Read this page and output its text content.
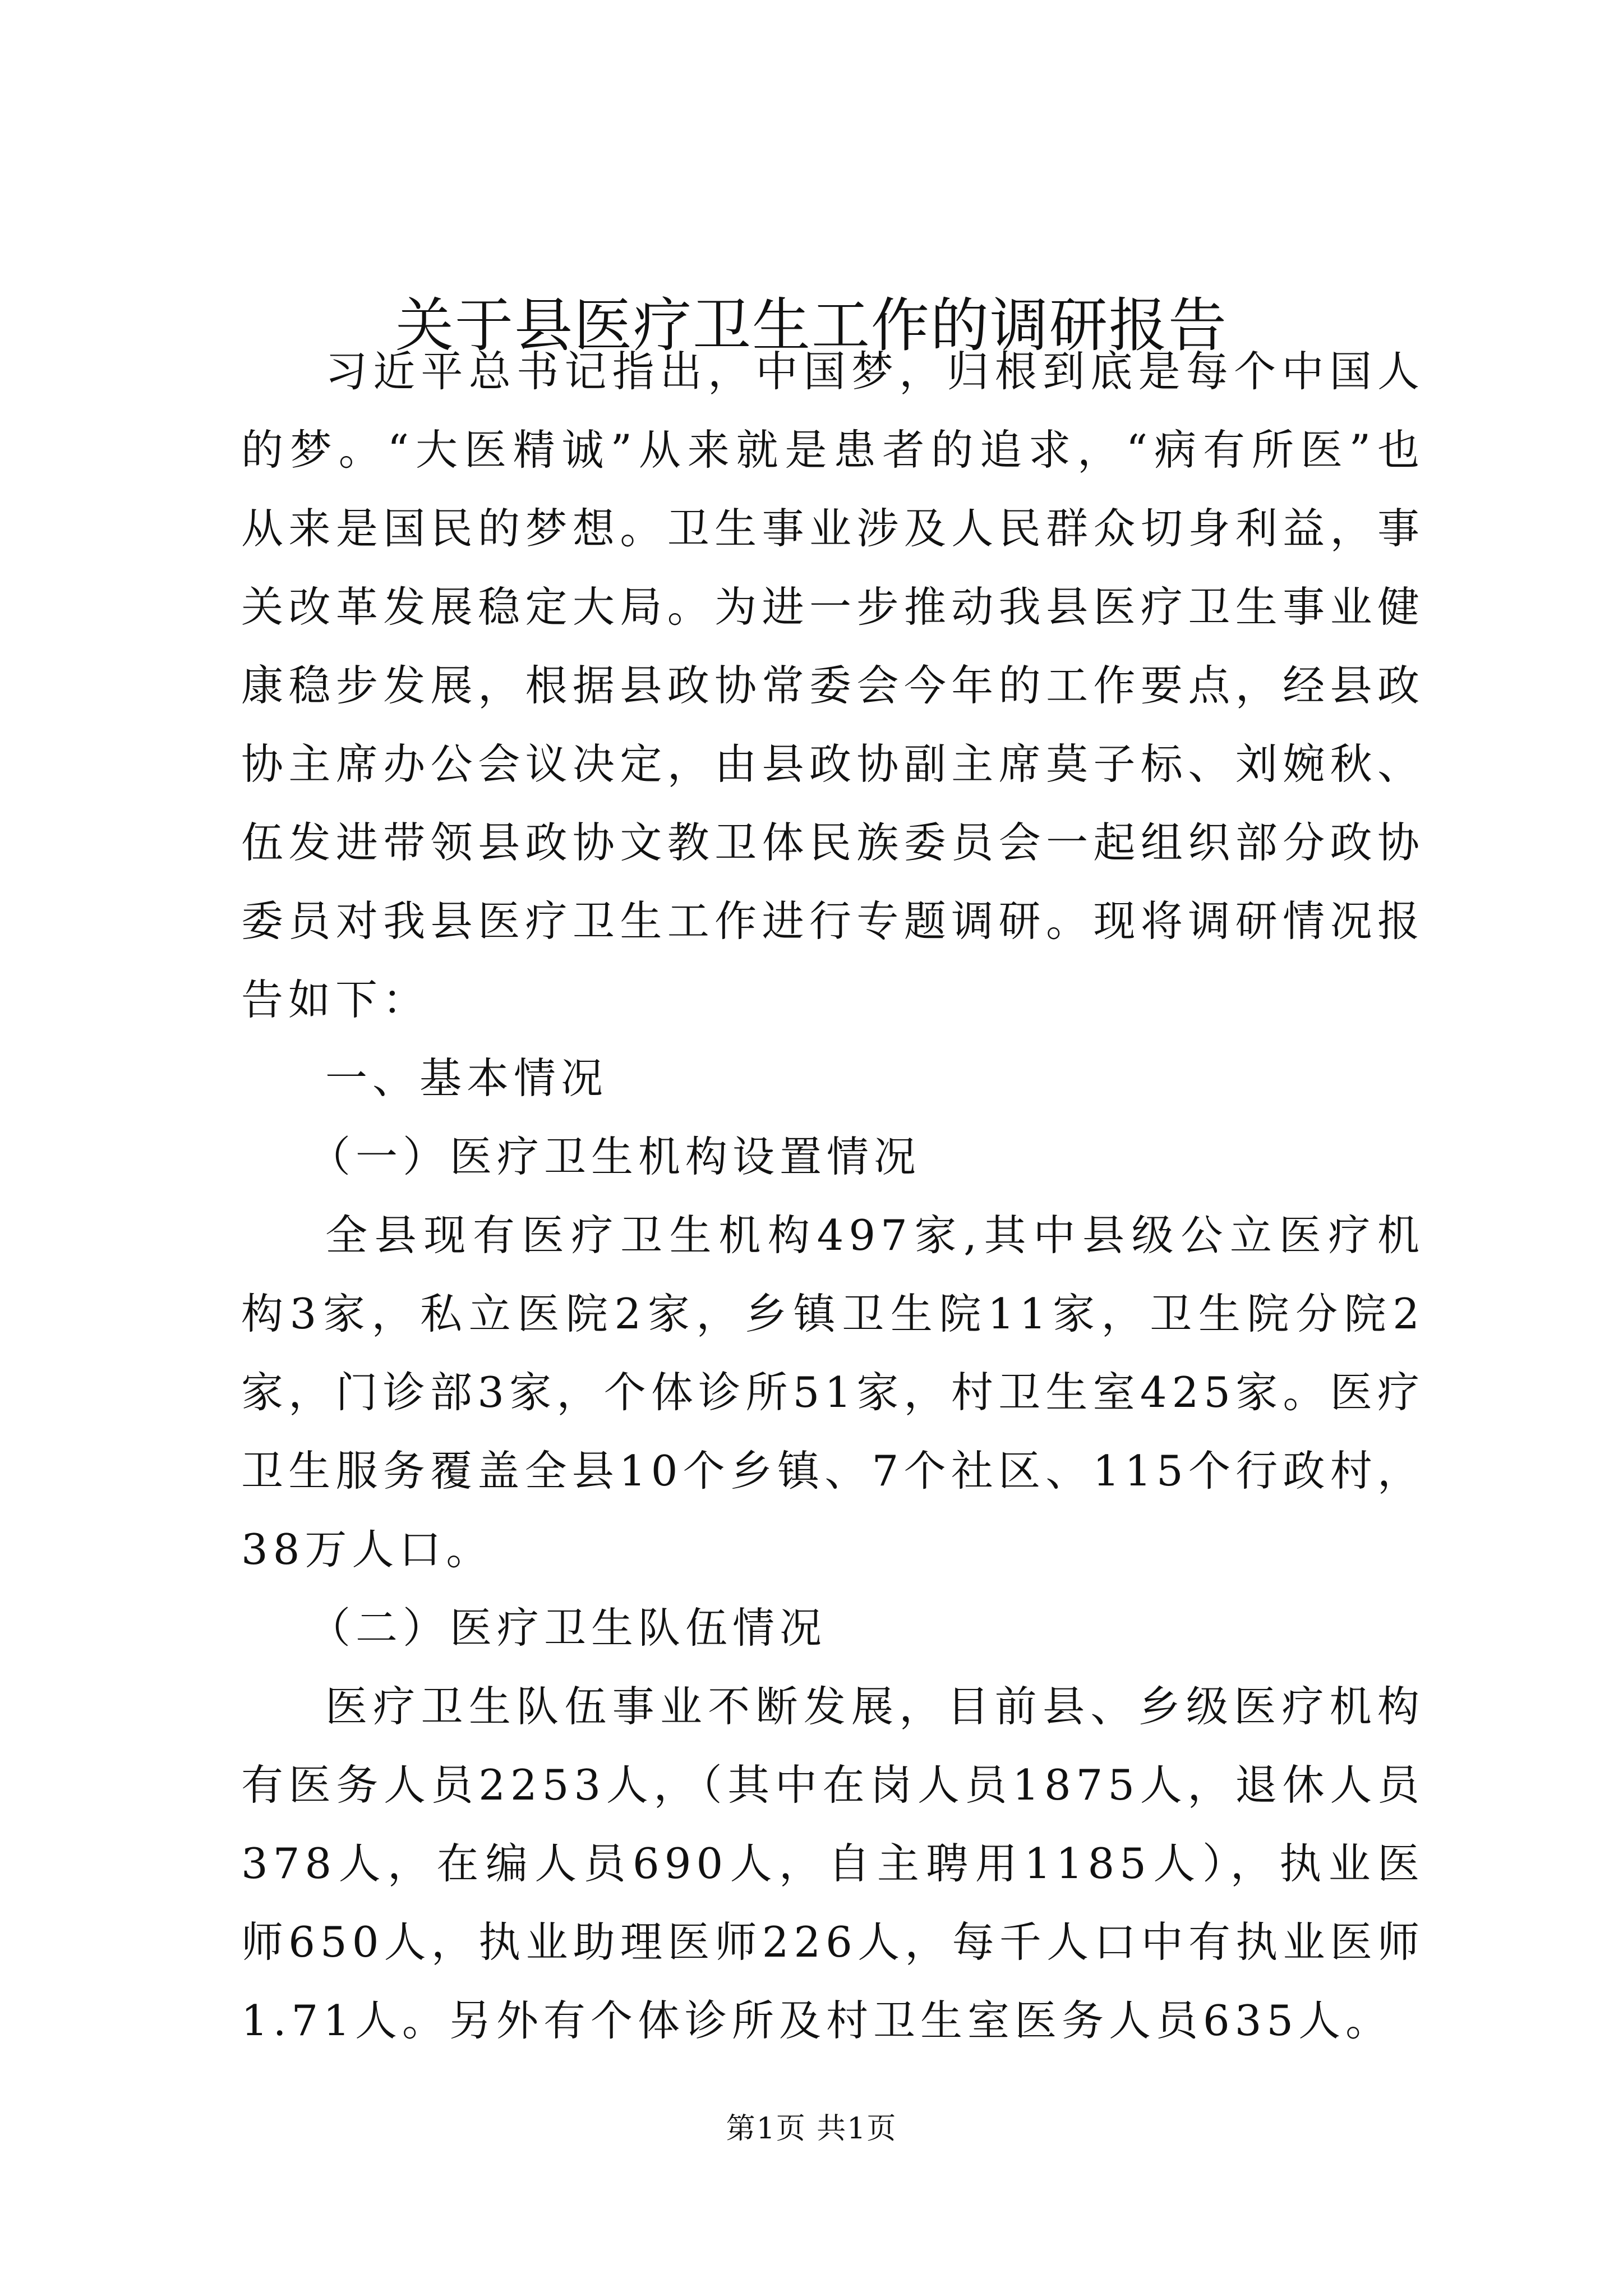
关于县医疗卫生工作的调研报告

习近平总书记指出，中国梦，归根到底是每个中国人的梦。“大医精诚”从来就是患者的追求，“病有所医”也从来是国民的梦想。卫生事业涉及人民群众切身利益，事关改革发展稳定大局。为进一步推动我县医疗卫生事业健康稳步发展，根据县政协常委会今年的工作要点，经县政协主席办公会议决定，由县政协副主席莫子标、刘婉秋、伍发进带领县政协文教卫体民族委员会一起组织部分政协委员对我县医疗卫生工作进行专题调研。现将调研情况报告如下：

一、基本情况

（一）医疗卫生机构设置情况

全县现有医疗卫生机构497家,其中县级公立医疗机构3家，私立医院2家，乡镇卫生院11家，卫生院分院2家，门诊部3家，个体诊所51家，村卫生室425家。医疗卫生服务覆盖全县10个乡镇、7个社区、115个行政村，38万人口。

（二）医疗卫生队伍情况

医疗卫生队伍事业不断发展，目前县、乡级医疗机构有医务人员2253人，（其中在岗人员1875人，退休人员378人，在编人员690人，自主聘用1185人），执业医师650人，执业助理医师226人，每千人口中有执业医师1.71人。另外有个体诊所及村卫生室医务人员635人。

第1页 共1页
